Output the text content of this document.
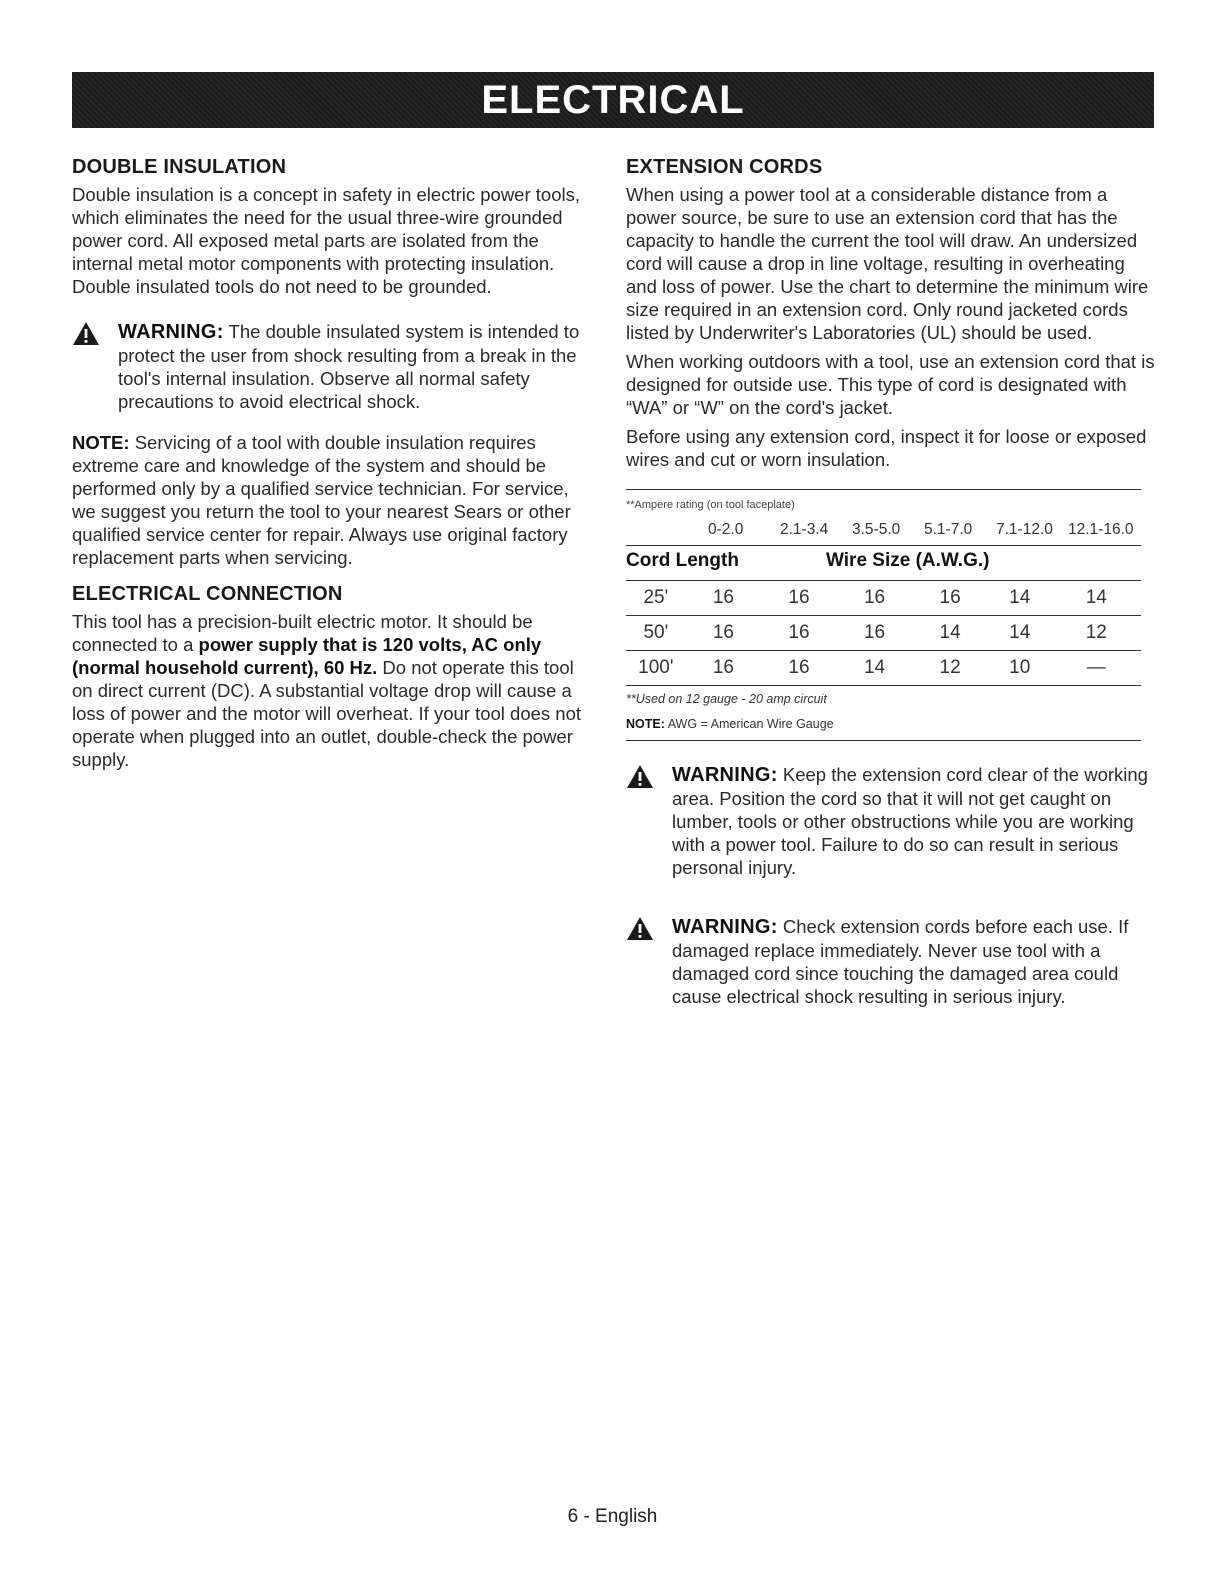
ELECTRICAL
DOUBLE INSULATION

Double insulation is a concept in safety in electric power tools, which eliminates the need for the usual three-wire grounded power cord. All exposed metal parts are isolated from the internal metal motor components with protecting insulation. Double insulated tools do not need to be grounded.

WARNING: The double insulated system is intended to protect the user from shock resulting from a break in the tool's internal insulation. Observe all normal safety precautions to avoid electrical shock.

NOTE: Servicing of a tool with double insulation requires extreme care and knowledge of the system and should be performed only by a qualified service technician. For service, we suggest you return the tool to your nearest Sears or other qualified service center for repair. Always use original factory replacement parts when servicing.

ELECTRICAL CONNECTION

This tool has a precision-built electric motor. It should be connected to a power supply that is 120 volts, AC only (normal household current), 60 Hz. Do not operate this tool on direct current (DC). A substantial voltage drop will cause a loss of power and the motor will overheat. If your tool does not operate when plugged into an outlet, double-check the power supply.

EXTENSION CORDS

When using a power tool at a considerable distance from a power source, be sure to use an extension cord that has the capacity to handle the current the tool will draw. An undersized cord will cause a drop in line voltage, resulting in overheating and loss of power. Use the chart to determine the minimum wire size required in an extension cord. Only round jacketed cords listed by Underwriter's Laboratories (UL) should be used.

When working outdoors with a tool, use an extension cord that is designed for outside use. This type of cord is designated with “WA” or “W” on the cord's jacket.

Before using any extension cord, inspect it for loose or exposed wires and cut or worn insulation.

**Ampere rating (on tool faceplate)

0-2.0	2.1-3.4	3.5-5.0	5.1-7.0	7.1-12.0 12.1-16.0
Cord Length	Wire Size (A.W.G.)
25'	16	16	16	16	14	14
50'	16	16	16	14	14	12
100'	16	16	14	12	10	—

**Used on 12 gauge - 20 amp circuit

NOTE: AWG = American Wire Gauge

WARNING: Keep the extension cord clear of the working area. Position the cord so that it will not get caught on lumber, tools or other obstructions while you are working with a power tool. Failure to do so can result in serious personal injury.
WARNING: Check extension cords before each use. If damaged replace immediately. Never use tool with a damaged cord since touching the damaged area could cause electrical shock resulting in serious injury.
6 - English
